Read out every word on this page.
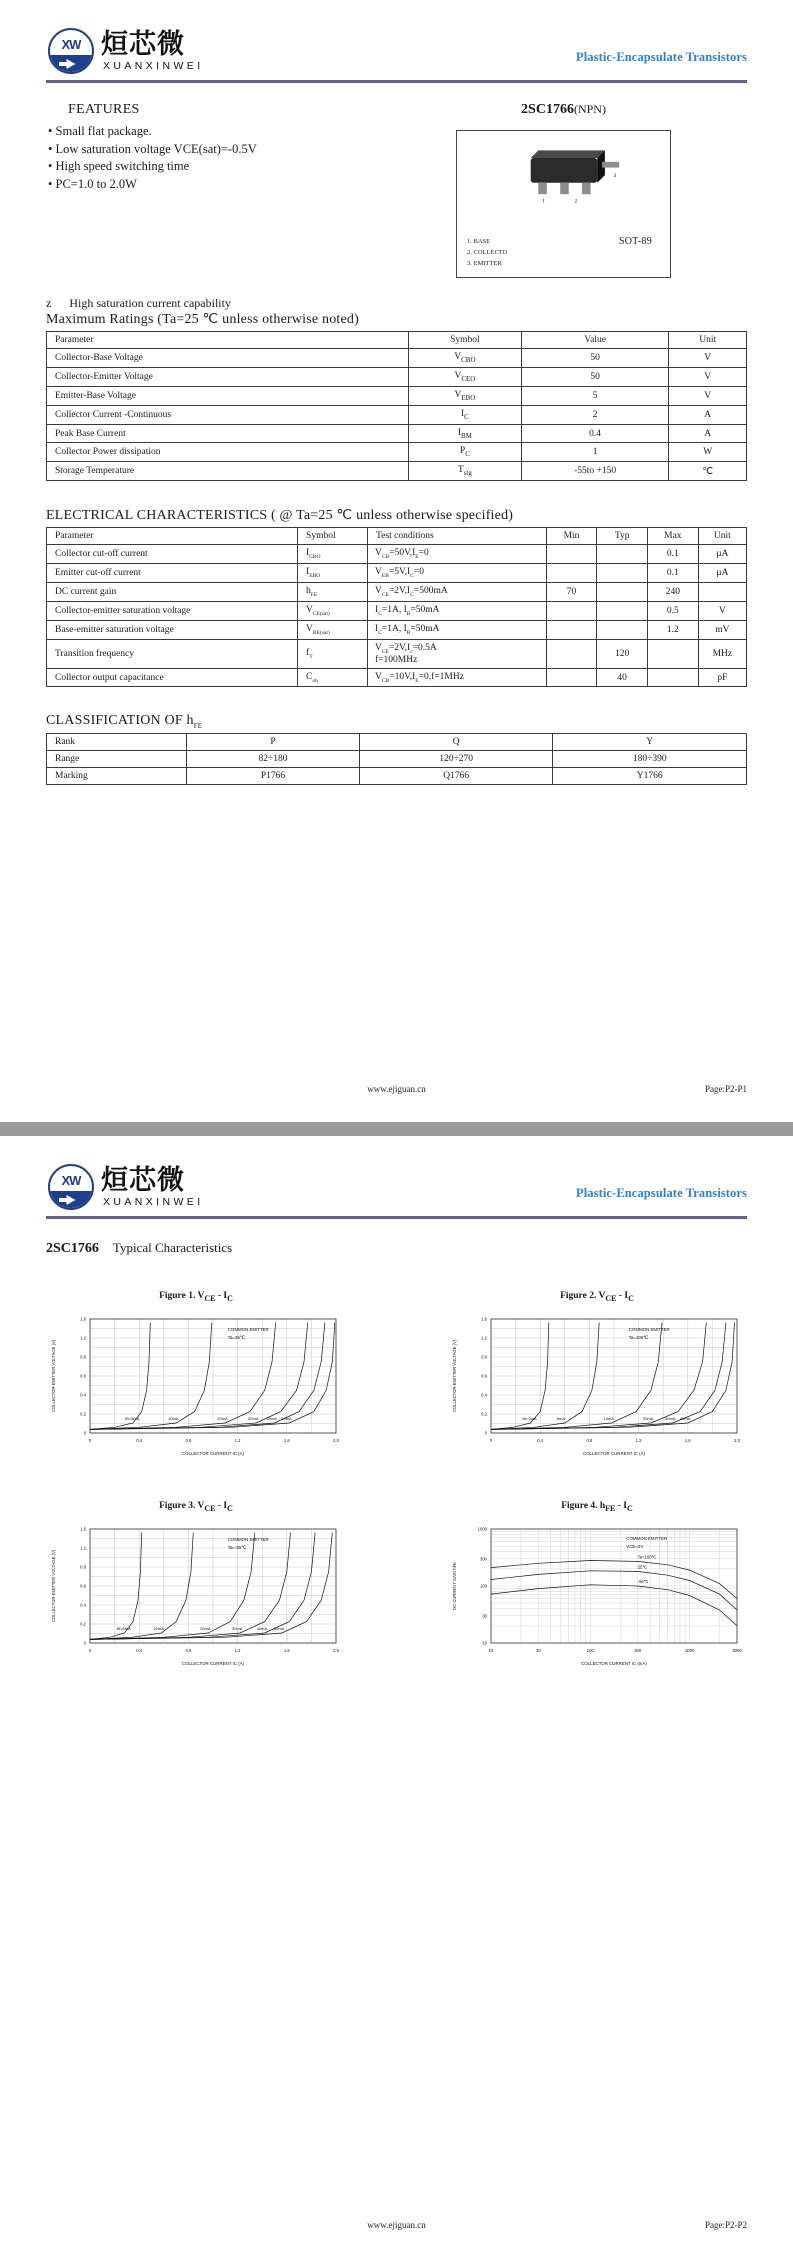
XW 烜芯微
XUANXINWEI
Plastic-Encapsulate Transistors
FEATURES
• Small flat package.
• Low saturation voltage VCE(sat)=-0.5V
• High speed switching time
• PC=1.0 to 2.0W
2SC1766(NPN)
1	2
3
1. BASE
2. COLLECTO
3. EMITTER
SOT-89
z High saturation current capability
Maximum Ratings (Ta=25 ℃ unless otherwise noted)
Parameter	Symbol	Value	Unit
Collector-Base Voltage	$V_{CBO}$	50	V
Collector-Emitter Voltage	$V_{CEO}$	50	V
Emitter-Base Voltage	$V_{EBO}$	5	V
Collector Current -Continuous	$I_C$	2	A
Peak Base Current	$I_{BM}$	0.4	A
Collector Power dissipation	$P_C$	1	W
Storage Temperature	$T_{stg}$	-55to +150	℃
ELECTRICAL CHARACTERISTICS ( @ Ta=25 ℃ unless otherwise specified)
Parameter	Symbol	Test conditions	Min	Typ	Max	Unit
Collector cut-off current	$I_{CBO}$	$V_{CB}=50V,I_E=0$			0.1	µA
Emitter cut-off current	$I_{EBO}$	$V_{EB}=5V,I_C=0$			0.1	µA
DC current gain	$h_{FE}$	$V_{CE}=2V,I_C=500mA$	70		240	
Collector-emitter saturation voltage	$V_{CE(sat)}$	$I_C=1A$, $I_B=50mA$			0.5	V
Base-emitter saturation voltage	$V_{BE(sat)}$	$I_C=1A$, $I_B=50mA$			1.2	mV
Transition frequency	$f_T$	$V_{CE}=2V,I_c=0.5A$
f=100MHz		120		MHz
Collector output capacitance	$C_{ob}$	$V_{CB}=10V,I_E=0,f=1MHz$		40		pF
CLASSIFICATION OF $h_{FE}$
Rank	P	Q	Y
Range	82÷180	120÷270	180÷390
Marking	P1766	Q1766	Y1766
www.ejiguan.cn	Page:P2-P1
XW 烜芯微
XUANXINWEI
Plastic-Encapsulate Transistors
2SC1766 Typical Characteristics
Figure 1. $V_{CE} - I_C$
0	0.4	0.8	1.2	1.6	2.0
0
0.2
0.4
0.6
0.8
1.2
1.6
COLLECTOR CURRENT IC (A)
COLLECTOR-EMITTER VOLTAGE (V)
COMMON EMITTER
Ta=25℃
IB=5mA	10mA	20mA	30mA 40mA 50mA
Figure 2. $V_{CE} - I_C$
0	0.4	0.8	1.2	1.6	2.0
0
0.2
0.4
0.6
0.8
1.2
1.6
COLLECTOR CURRENT IC (A)
COLLECTOR-EMITTER VOLTAGE (V)
COMMON EMITTER
Ta=100℃
IB=3mA	5mA	10mA	20mA	30mA 40mA
Figure 3. $V_{CE} - I_C$
0	0.4	0.8	1.2	1.6	2.0
0
0.2
0.4
0.6
0.8
1.2
1.6
COLLECTOR CURRENT IC (A)
COLLECTOR-EMITTER VOLTAGE (V)
COMMON EMITTER
Ta=-55℃
IB=5mA	10mA	20mA	30mA	40mA 50mA
Figure 4. $h_{FE} - I_C$
10	30	100	300	1000	3000
10
30
100
300
1000
COLLECTOR CURRENT IC (mA)
DC CURRENT GAIN hFE
COMMON EMITTER
VCE=2V
Ta=100℃
25℃
-55℃
www.ejiguan.cn	Page:P2-P2
